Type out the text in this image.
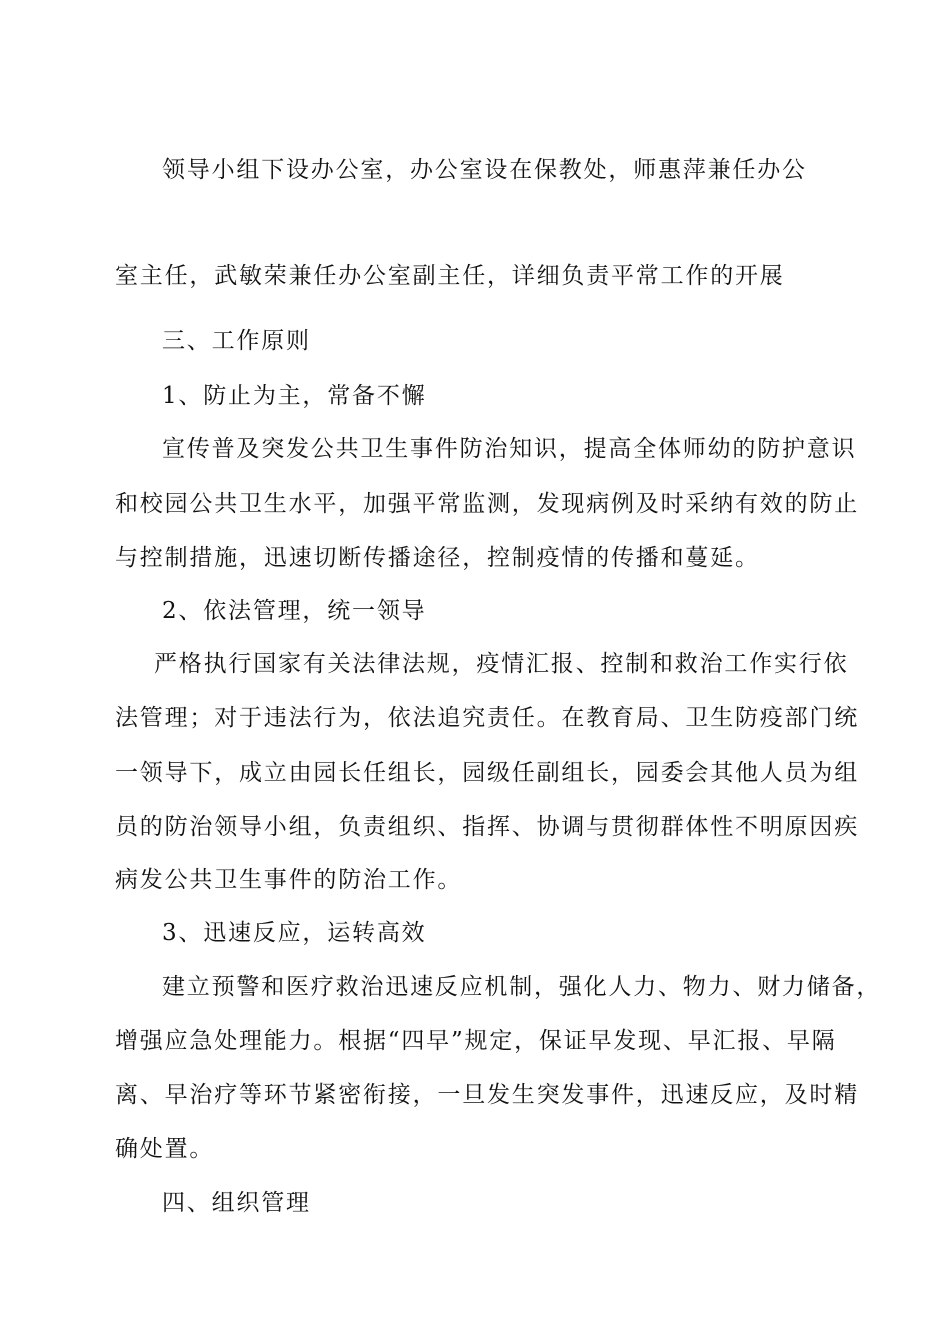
领导小组下设办公室，办公室设在保教处，师惠萍兼任办公
室主任，武敏荣兼任办公室副主任，详细负责平常工作的开展
三、工作原则
1、防止为主，常备不懈
宣传普及突发公共卫生事件防治知识，提高全体师幼的防护意识
和校园公共卫生水平，加强平常监测，发现病例及时采纳有效的防止
与控制措施，迅速切断传播途径，控制疫情的传播和蔓延。
2、依法管理，统一领导
严格执行国家有关法律法规，疫情汇报、控制和救治工作实行依
法管理；对于违法行为，依法追究责任。在教育局、卫生防疫部门统
一领导下，成立由园长任组长，园级任副组长，园委会其他人员为组
员的防治领导小组，负责组织、指挥、协调与贯彻群体性不明原因疾
病发公共卫生事件的防治工作。
3、迅速反应，运转高效
建立预警和医疗救治迅速反应机制，强化人力、物力、财力储备，
增强应急处理能力。根据“四早”规定，保证早发现、早汇报、早隔
离、早治疗等环节紧密衔接，一旦发生突发事件，迅速反应，及时精
确处置。
四、组织管理
